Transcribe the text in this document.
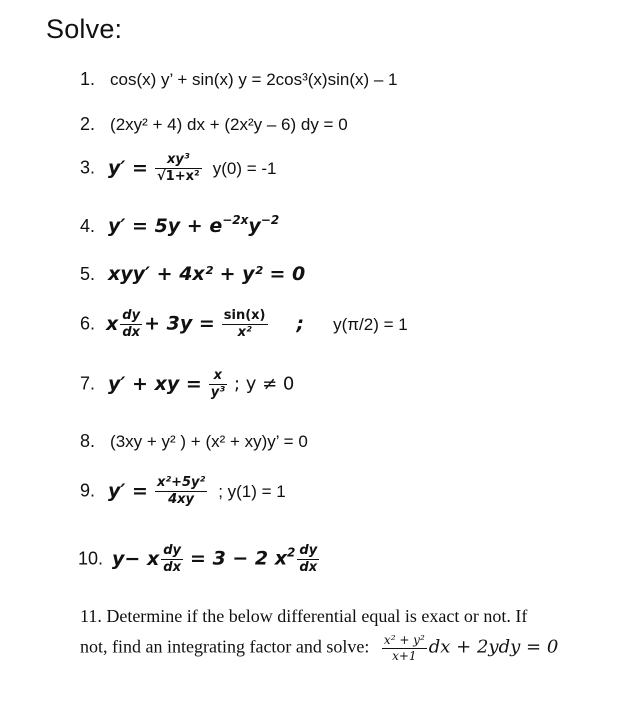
Solve:
1. cos(x) y’ + sin(x) y = 2cos³(x)sin(x) – 1
2. (2xy² + 4) dx + (2x²y – 6) dy = 0
3. $y' = \frac{\text{xy³}}{\text{√1+x²}} y(0) = -1$
4. $y' = 5y + e^{-2x}y^{-2}$
5. xyy′ + 4x² + y² = 0
6. x $\frac{dy}{dx} + 3y = \frac{\sin(x)}{\text{x²}}$ ; y(π/2) = 1
7. y′ + xy = $\frac{x}{\text{y³}}$ ; y ≠ 0
8. (3xy + y² ) + (x² + xy)y’ = 0
9. $y' = \frac{\text{x²+5y²}}{4xy}$ ; y(1) = 1
10. y− x $\frac{dy}{dx} = 3 - 2$ $x^2 \frac{dy}{dx}$
11. Determine if the below differential equal is exact or not. If
not, find an integrating factor and solve: $\frac{\text{x² + y²}}{x+1}$ dx + 2ydy = 0
